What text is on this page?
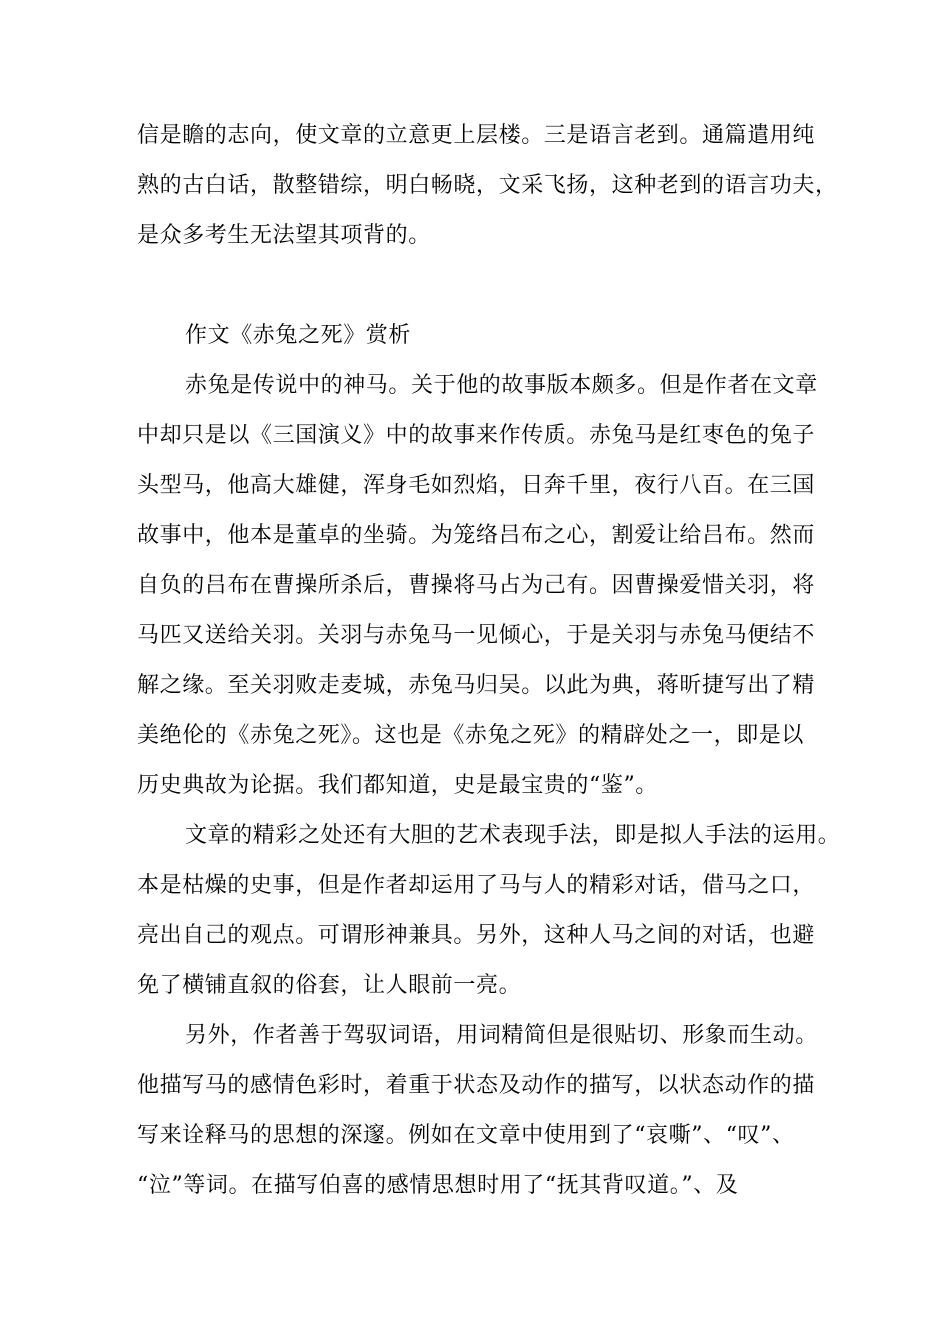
信是瞻的志向，使文章的立意更上层楼。三是语言老到。通篇遣用纯
熟的古白话，散整错综，明白畅晓，文采飞扬，这种老到的语言功夫，
是众多考生无法望其项背的。
作文《赤兔之死》赏析
赤兔是传说中的神马。关于他的故事版本颇多。但是作者在文章
中却只是以《三国演义》中的故事来作传质。赤兔马是红枣色的兔子
头型马，他高大雄健，浑身毛如烈焰，日奔千里，夜行八百。在三国
故事中，他本是董卓的坐骑。为笼络吕布之心，割爱让给吕布。然而
自负的吕布在曹操所杀后，曹操将马占为己有。因曹操爱惜关羽，将
马匹又送给关羽。关羽与赤兔马一见倾心，于是关羽与赤兔马便结不
解之缘。至关羽败走麦城，赤兔马归吴。以此为典，蒋昕捷写出了精
美绝伦的《赤兔之死》。这也是《赤兔之死》的精辟处之一，即是以
历史典故为论据。我们都知道，史是最宝贵的“鉴”。
文章的精彩之处还有大胆的艺术表现手法，即是拟人手法的运用。
本是枯燥的史事，但是作者却运用了马与人的精彩对话，借马之口，
亮出自己的观点。可谓形神兼具。另外，这种人马之间的对话，也避
免了横铺直叙的俗套，让人眼前一亮。
另外，作者善于驾驭词语，用词精简但是很贴切、形象而生动。
他描写马的感情色彩时，着重于状态及动作的描写，以状态动作的描
写来诠释马的思想的深邃。例如在文章中使用到了“哀嘶”、“叹”、
“泣”等词。在描写伯喜的感情思想时用了“抚其背叹道。”、及
